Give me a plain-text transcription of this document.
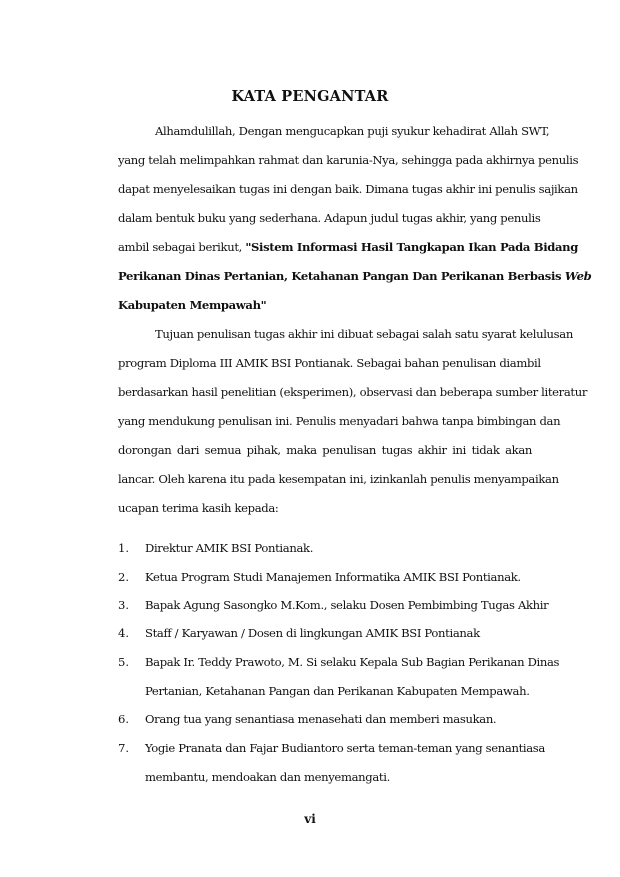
KATA PENGANTAR
Alhamdulillah, Dengan mengucapkan puji syukur kehadirat Allah SWT,
yang telah melimpahkan rahmat dan karunia-Nya, sehingga pada akhirnya penulis
dapat menyelesaikan tugas ini dengan baik. Dimana tugas akhir ini penulis sajikan
dalam bentuk buku yang sederhana. Adapun judul tugas akhir, yang penulis
ambil sebagai berikut, "Sistem Informasi Hasil Tangkapan Ikan Pada Bidang
Perikanan Dinas Pertanian, Ketahanan Pangan Dan Perikanan Berbasis Web
Kabupaten Mempawah"
Tujuan penulisan tugas akhir ini dibuat sebagai salah satu syarat kelulusan
program Diploma III AMIK BSI Pontianak. Sebagai bahan penulisan diambil
berdasarkan hasil penelitian (eksperimen), observasi dan beberapa sumber literatur
yang mendukung penulisan ini. Penulis menyadari bahwa tanpa bimbingan dan
dorongan dari semua pihak, maka penulisan tugas akhir ini tidak akan
lancar. Oleh karena itu pada kesempatan ini, izinkanlah penulis menyampaikan
ucapan terima kasih kepada:
1. Direktur AMIK BSI Pontianak.
2. Ketua Program Studi Manajemen Informatika AMIK BSI Pontianak.
3. Bapak Agung Sasongko M.Kom., selaku Dosen Pembimbing Tugas Akhir
4. Staff / Karyawan / Dosen di lingkungan AMIK BSI Pontianak
5. Bapak Ir. Teddy Prawoto, M. Si selaku Kepala Sub Bagian Perikanan Dinas
Pertanian, Ketahanan Pangan dan Perikanan Kabupaten Mempawah.
6. Orang tua yang senantiasa menasehati dan memberi masukan.
7. Yogie Pranata dan Fajar Budiantoro serta teman-teman yang senantiasa
membantu, mendoakan dan menyemangati.
vi
